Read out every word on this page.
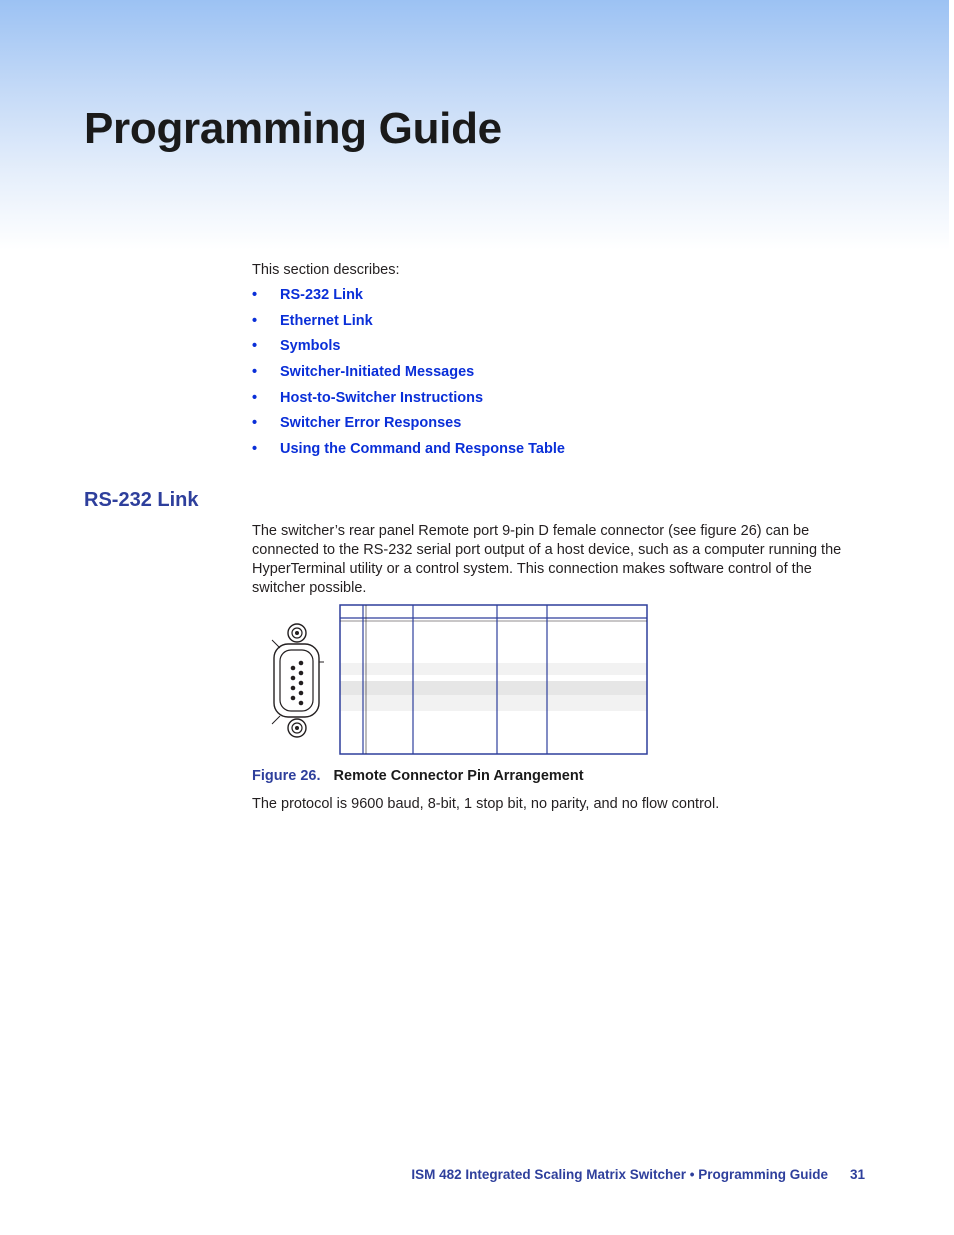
Programming Guide

This section describes:

•	RS-232 Link
•	Ethernet Link
•	Symbols
•	Switcher-Initiated Messages
•	Host-to-Switcher Instructions
•	Switcher Error Responses
•	Using the Command and Response Table
RS-232 Link

The switcher’s rear panel Remote port 9-pin D female connector (see figure 26) can be connected to the RS-232 serial port output of a host device, such as a computer running the HyperTerminal utility or a control system. This connection makes software control of the switcher possible.

Figure 26. Remote Connector Pin Arrangement

The protocol is 9600 baud, 8-bit, 1 stop bit, no parity, and no flow control.

ISM 482 Integrated Scaling Matrix Switcher • Programming Guide 31
